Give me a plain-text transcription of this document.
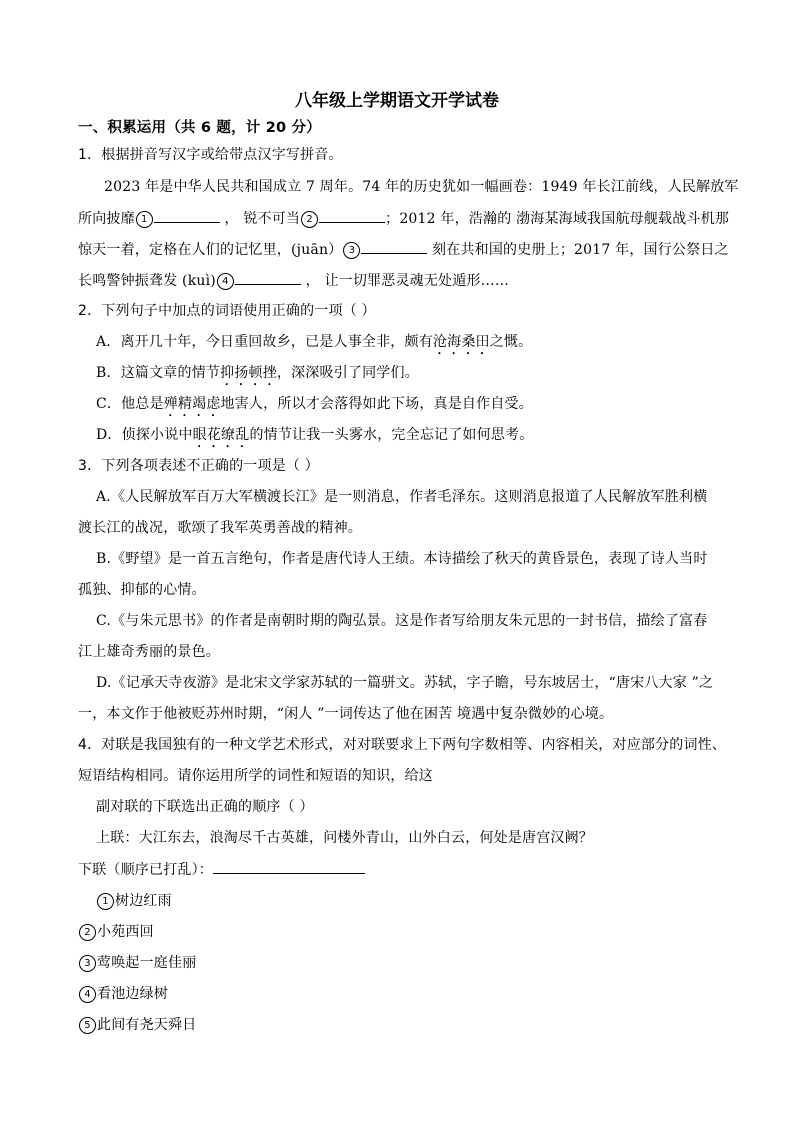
八年级上学期语文开学试卷
一、积累运用（共 6 题，计 20 分）
1．根据拼音写汉字或给带点汉字写拼音。
2023 年是中华人民共和国成立 7 周年。74 年的历史犹如一幅画卷：1949 年长江前线，人民解放军
所向披靡 1	， 锐不可当 2	；2012 年，浩瀚的 渤海某海域我国航母舰载战斗机那
惊天一着，定格在人们的记忆里，(juān） 3	刻在共和国的史册上；2017 年，国行公祭日之
长鸣警钟振聋发 (kuì) 4	， 让一切罪恶灵魂无处遁形……
2．下列句子中加点的词语使用正确的一项（ ）
A．离开几十年，今日重回故乡，已是人事全非，颇有沧海桑田之慨。
B．这篇文章的情节抑扬顿挫，深深吸引了同学们。
C．他总是殚精竭虑地害人，所以才会落得如此下场，真是自作自受。
D．侦探小说中眼花缭乱的情节让我一头雾水，完全忘记了如何思考。
3．下列各项表述不正确的一项是（ ）
A.《人民解放军百万大军横渡长江》是一则消息，作者毛泽东。这则消息报道了人民解放军胜利横
渡长江的战况，歌颂了我军英勇善战的精神。
B.《野望》是一首五言绝句，作者是唐代诗人王绩。本诗描绘了秋天的黄昏景色，表现了诗人当时
孤独、抑郁的心情。
C.《与朱元思书》的作者是南朝时期的陶弘景。这是作者写给朋友朱元思的一封书信，描绘了富春
江上雄奇秀丽的景色。
D.《记承天寺夜游》是北宋文学家苏轼的一篇骈文。苏轼，字子瞻，号东坡居士，“唐宋八大家 ”之
一，本文作于他被贬苏州时期，“闲人 ”一词传达了他在困苦 境遇中复杂微妙的心境。
4．对联是我国独有的一种文学艺术形式，对对联要求上下两句字数相等、内容相关，对应部分的词性、
短语结构相同。请你运用所学的词性和短语的知识，给这
副对联的下联选出正确的顺序（ ）
上联：大江东去，浪淘尽千古英雄，问楼外青山，山外白云，何处是唐宫汉阙？
下联（顺序已打乱）：
1 树边红雨
2 小苑西回
3 莺唤起一庭佳丽
4 看池边绿树
5 此间有尧天舜日
